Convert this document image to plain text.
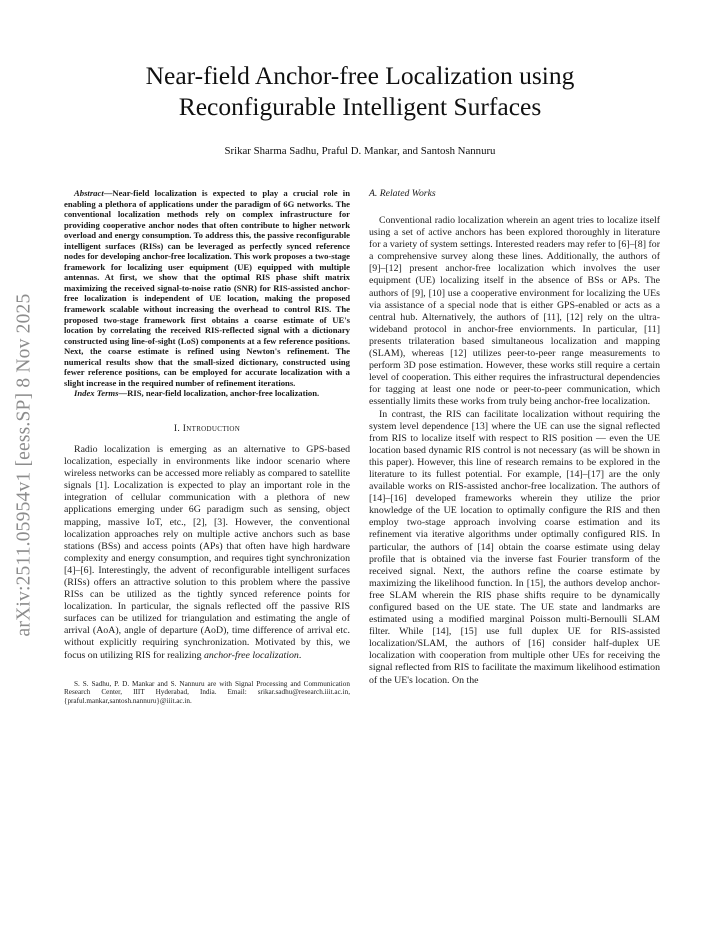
arXiv:2511.05954v1 [eess.SP] 8 Nov 2025
Near-field Anchor-free Localization using
Reconfigurable Intelligent Surfaces
Srikar Sharma Sadhu, Praful D. Mankar, and Santosh Nannuru

Abstract—Near-field localization is expected to play a crucial role in enabling a plethora of applications under the paradigm of 6G networks. The conventional localization methods rely on complex infrastructure for providing cooperative anchor nodes that often contribute to higher network overload and energy consumption. To address this, the passive reconfigurable intelligent surfaces (RISs) can be leveraged as perfectly synced reference nodes for developing anchor-free localization. This work proposes a two-stage framework for localizing user equipment (UE) equipped with multiple antennas. At first, we show that the optimal RIS phase shift matrix maximizing the received signal-to-noise ratio (SNR) for RIS-assisted anchor-free localization is independent of UE location, making the proposed framework scalable without increasing the overhead to control RIS. The proposed two-stage framework first obtains a coarse estimate of UE's location by correlating the received RIS-reflected signal with a dictionary constructed using line-of-sight (LoS) components at a few reference positions. Next, the coarse estimate is refined using Newton's refinement. The numerical results show that the small-sized dictionary, constructed using fewer reference positions, can be employed for accurate localization with a slight increase in the required number of refinement iterations.

Index Terms—RIS, near-field localization, anchor-free localization.

I. Introduction

Radio localization is emerging as an alternative to GPS-based localization, especially in environments like indoor scenario where wireless networks can be accessed more reliably as compared to satellite signals [1]. Localization is expected to play an important role in the integration of cellular communication with a plethora of new applications emerging under 6G paradigm such as sensing, object mapping, massive IoT, etc., [2], [3]. However, the conventional localization approaches rely on multiple active anchors such as base stations (BSs) and access points (APs) that often have high hardware complexity and energy consumption, and requires tight synchronization [4]–[6]. Interestingly, the advent of reconfigurable intelligent surfaces (RISs) offers an attractive solution to this problem where the passive RISs can be utilized as the tightly synced reference points for localization. In particular, the signals reflected off the passive RIS surfaces can be utilized for triangulation and estimating the angle of arrival (AoA), angle of departure (AoD), time difference of arrival etc. without explicitly requiring synchronization. Motivated by this, we focus on utilizing RIS for realizing anchor-free localization.

S. S. Sadhu, P. D. Mankar and S. Nannuru are with Signal Processing and Communication Research Center, IIIT Hyderabad, India. Email: srikar.sadhu@research.iiit.ac.in, {praful.mankar,santosh.nannuru}@iiit.ac.in.
A. Related Works

Conventional radio localization wherein an agent tries to localize itself using a set of active anchors has been explored thoroughly in literature for a variety of system settings. Interested readers may refer to [6]–[8] for a comprehensive survey along these lines. Additionally, the authors of [9]–[12] present anchor-free localization which involves the user equipment (UE) localizing itself in the absence of BSs or APs. The authors of [9], [10] use a cooperative environment for localizing the UEs via assistance of a special node that is either GPS-enabled or acts as a central hub. Alternatively, the authors of [11], [12] rely on the ultra-wideband protocol in anchor-free enviornments. In particular, [11] presents trilateration based simultaneous localization and mapping (SLAM), whereas [12] utilizes peer-to-peer range measurements to perform 3D pose estimation. However, these works still require a certain level of cooperation. This either requires the infrastructural dependencies for tagging at least one node or peer-to-peer communication, which essentially limits these works from truly being anchor-free localization.

In contrast, the RIS can facilitate localization without requiring the system level dependence [13] where the UE can use the signal reflected from RIS to localize itself with respect to RIS position — even the UE location based dynamic RIS control is not necessary (as will be shown in this paper). However, this line of research remains to be explored in the literature to its fullest potential. For example, [14]–[17] are the only available works on RIS-assisted anchor-free localization. The authors of [14]–[16] developed frameworks wherein they utilize the prior knowledge of the UE location to optimally configure the RIS and then employ two-stage approach involving coarse estimation and its refinement via iterative algorithms under optimally configured RIS. In particular, the authors of [14] obtain the coarse estimate using delay profile that is obtained via the inverse fast Fourier transform of the received signal. Next, the authors refine the coarse estimate by maximizing the likelihood function. In [15], the authors develop anchor-free SLAM wherein the RIS phase shifts require to be dynamically configured based on the UE state. The UE state and landmarks are estimated using a modified marginal Poisson multi-Bernoulli SLAM filter. While [14], [15] use full duplex UE for RIS-assisted localization/SLAM, the authors of [16] consider half-duplex UE localization with cooperation from multiple other UEs for receiving the signal reflected from RIS to facilitate the maximum likelihood estimation of the UE's location. On the
